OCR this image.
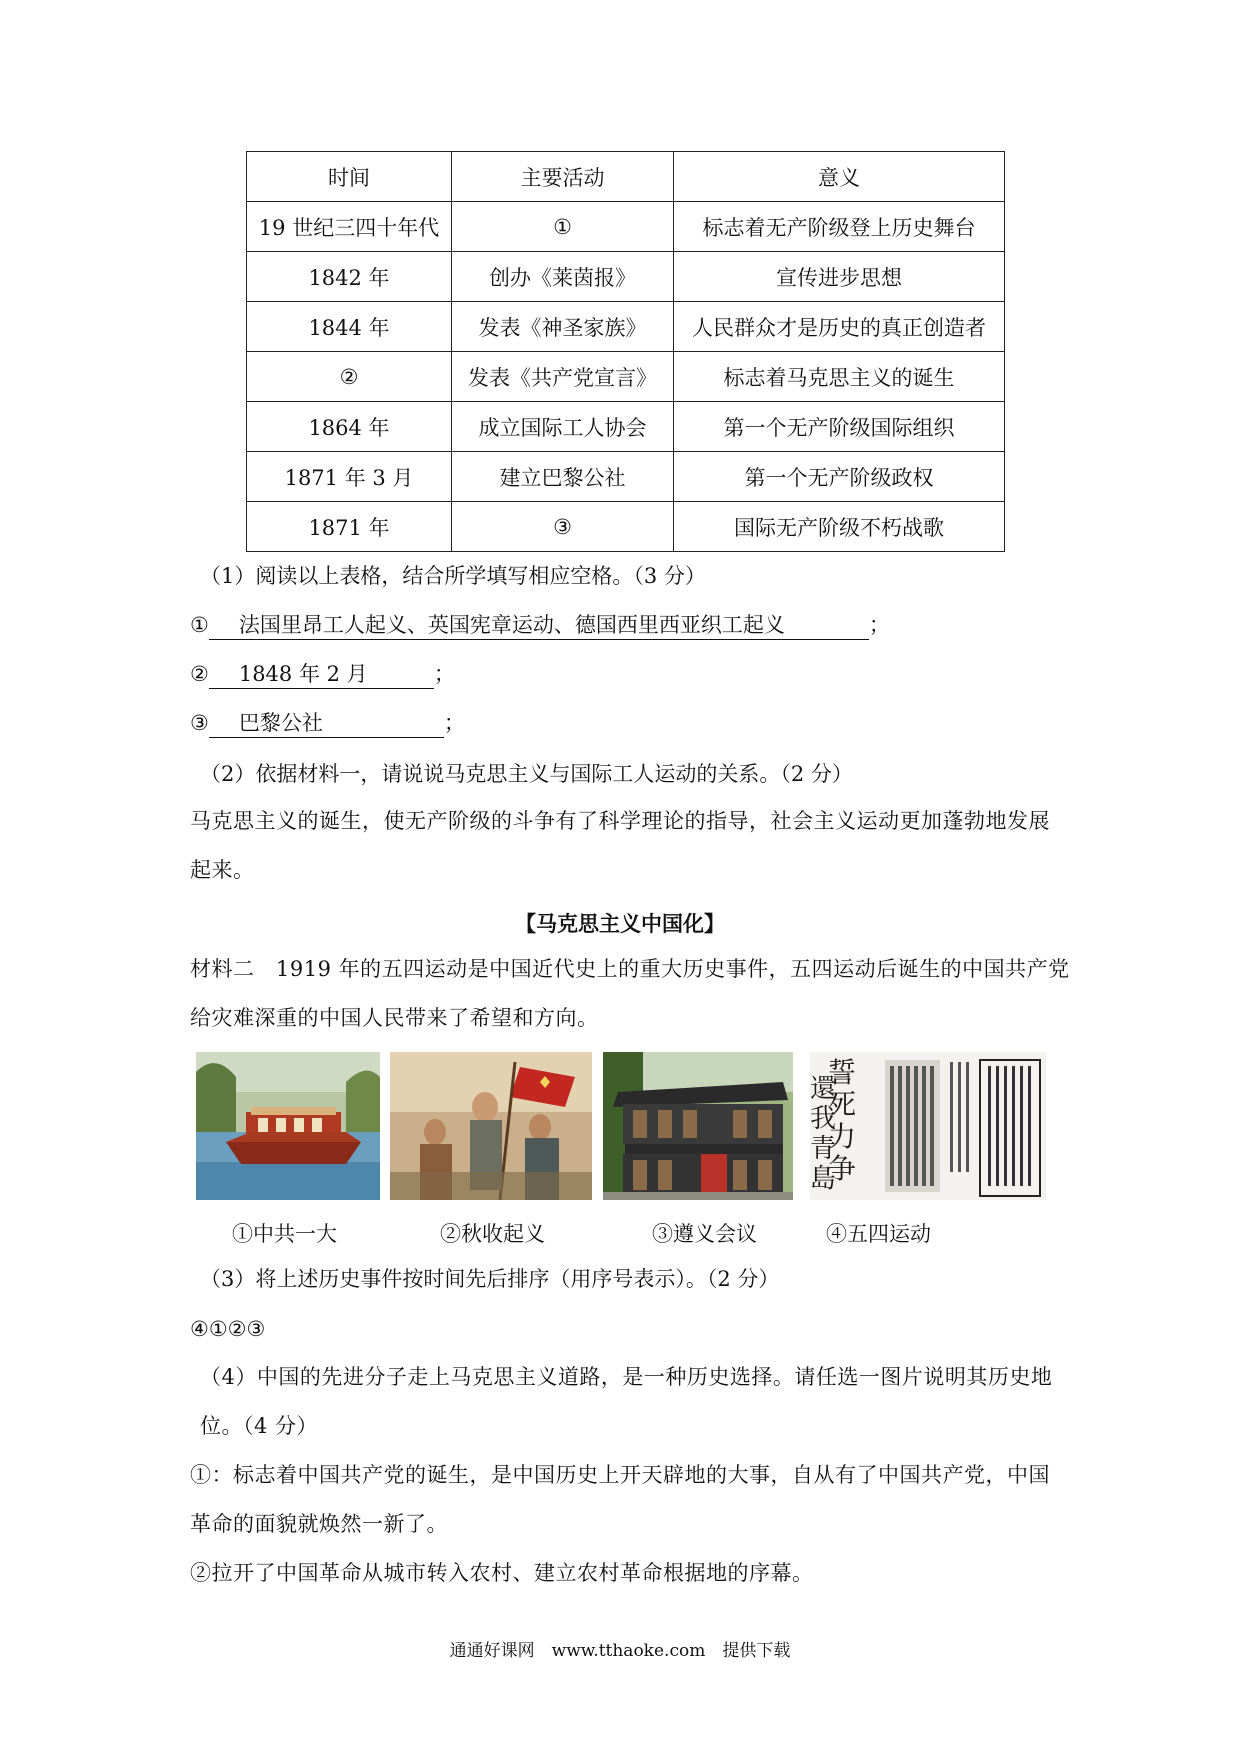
时间	主要活动	意义
19 世纪三四十年代	①	标志着无产阶级登上历史舞台
1842 年	创办《莱茵报》	宣传进步思想
1844 年	发表《神圣家族》	人民群众才是历史的真正创造者
②	发表《共产党宣言》	标志着马克思主义的诞生
1864 年	成立国际工人协会	第一个无产阶级国际组织
1871 年 3 月	建立巴黎公社	第一个无产阶级政权
1871 年	③	国际无产阶级不朽战歌
（1）阅读以上表格，结合所学填写相应空格。（3 分）
① 法国里昂工人起义、英国宪章运动、德国西里西亚织工起义	；
② 1848 年 2 月	；
③ 巴黎公社	；
（2）依据材料一，请说说马克思主义与国际工人运动的关系。（2 分）
马克思主义的诞生，使无产阶级的斗争有了科学理论的指导，社会主义运动更加蓬勃地发展起来。
【马克思主义中国化】
材料二　1919 年的五四运动是中国近代史上的重大历史事件，五四运动后诞生的中国共产党给灾难深重的中国人民带来了希望和方向。
誓
死
力
争
還
我
青
島
①中共一大	②秋收起义	③遵义会议	④五四运动
（3）将上述历史事件按时间先后排序（用序号表示）。（2 分）
④①②③
（4）中国的先进分子走上马克思主义道路，是一种历史选择。请任选一图片说明其历史地位。（4 分）
①：标志着中国共产党的诞生，是中国历史上开天辟地的大事，自从有了中国共产党，中国革命的面貌就焕然一新了。
②拉开了中国革命从城市转入农村、建立农村革命根据地的序幕。
通通好课网　www.tthaoke.com　提供下载
